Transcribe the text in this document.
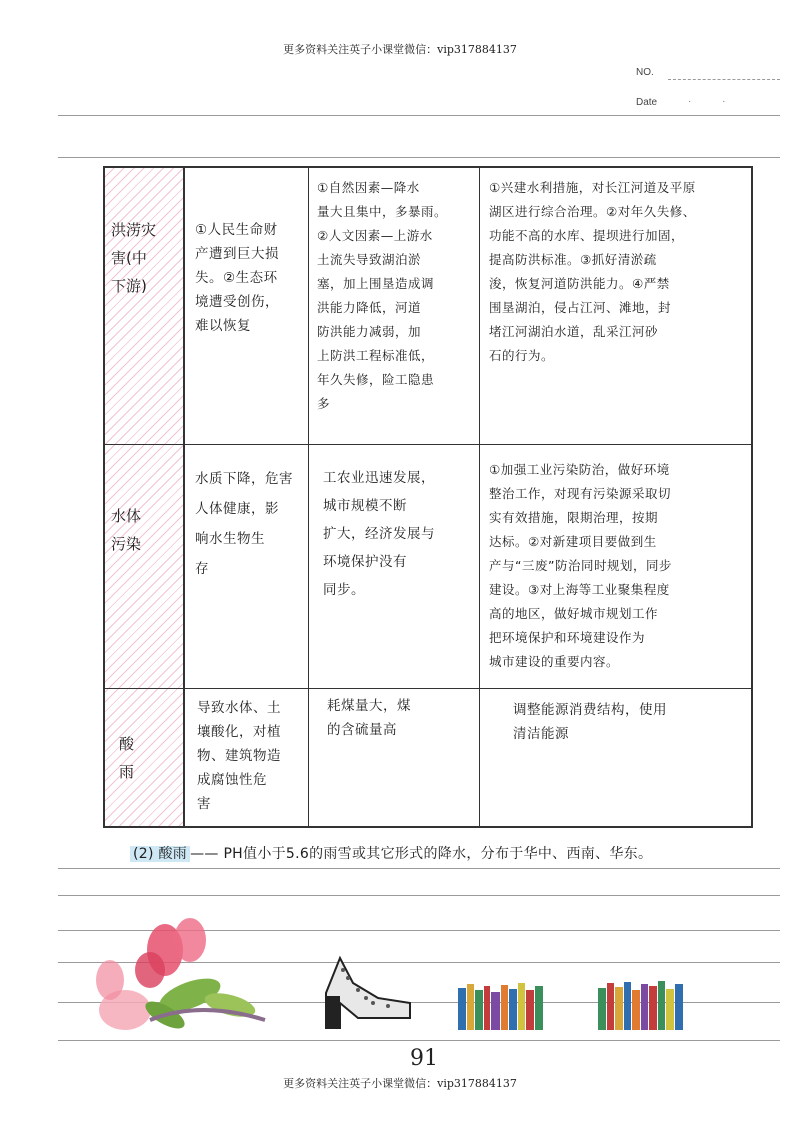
更多资料关注英子小课堂微信：vip317884137
NO.
Date	· ·
洪涝灾
害(中
下游)
①人民生命财
产遭到巨大损
失。②生态环
境遭受创伤，
难以恢复
①自然因素—降水
量大且集中，多暴雨。
②人文因素—上游水
土流失导致湖泊淤
塞，加上围垦造成调
洪能力降低，河道
防洪能力减弱，加
上防洪工程标准低，
年久失修，险工隐患
多
①兴建水利措施，对长江河道及平原
湖区进行综合治理。②对年久失修、
功能不高的水库、提坝进行加固，
提高防洪标准。③抓好清淤疏
浚，恢复河道防洪能力。④严禁
围垦湖泊，侵占江河、滩地，封
堵江河湖泊水道，乱采江河砂
石的行为。
水体
污染
水质下降，危害
人体健康，影
响水生物生
存
工农业迅速发展，
城市规模不断
扩大，经济发展与
环境保护没有
同步。
①加强工业污染防治，做好环境
整治工作，对现有污染源采取切
实有效措施，限期治理，按期
达标。②对新建项目要做到生
产与“三废”防治同时规划，同步
建设。③对上海等工业聚集程度
高的地区，做好城市规划工作
把环境保护和环境建设作为
城市建设的重要内容。
酸
雨
导致水体、土
壤酸化，对植
物、建筑物造
成腐蚀性危
害
耗煤量大，煤
的含硫量高
调整能源消费结构，使用
清洁能源
(2) 酸雨 —— PH值小于5.6的雨雪或其它形式的降水，分布于华中、西南、华东。
91
更多资料关注英子小课堂微信：vip317884137
